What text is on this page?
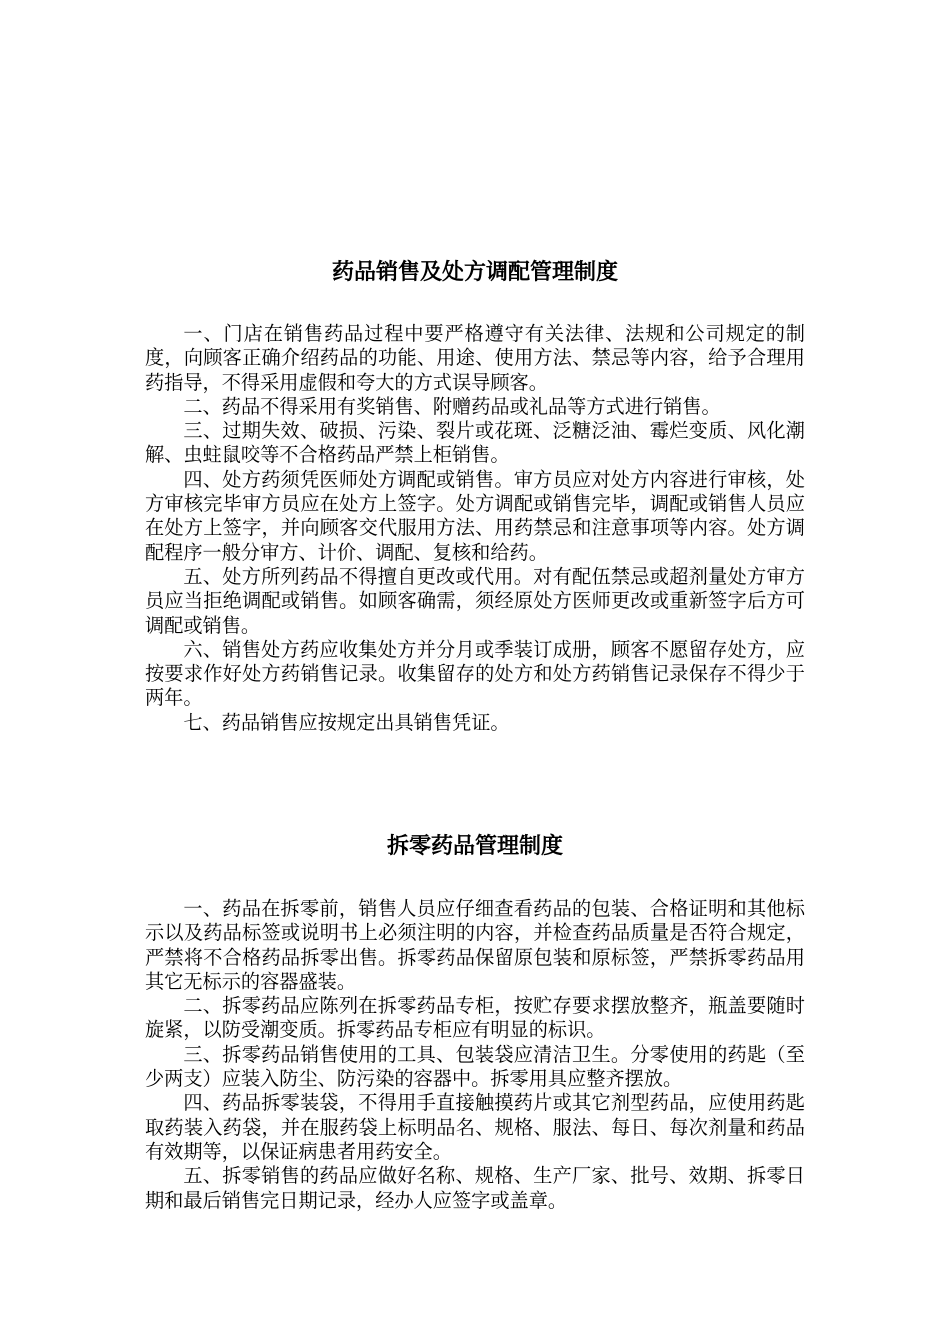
药品销售及处方调配管理制度

一、门店在销售药品过程中要严格遵守有关法律、法规和公司规定的制度，向顾客正确介绍药品的功能、用途、使用方法、禁忌等内容，给予合理用药指导，不得采用虚假和夸大的方式误导顾客。

二、药品不得采用有奖销售、附赠药品或礼品等方式进行销售。

三、过期失效、破损、污染、裂片或花斑、泛糖泛油、霉烂变质、风化潮解、虫蛀鼠咬等不合格药品严禁上柜销售。

四、处方药须凭医师处方调配或销售。审方员应对处方内容进行审核，处方审核完毕审方员应在处方上签字。处方调配或销售完毕，调配或销售人员应在处方上签字，并向顾客交代服用方法、用药禁忌和注意事项等内容。处方调配程序一般分审方、计价、调配、复核和给药。

五、处方所列药品不得擅自更改或代用。对有配伍禁忌或超剂量处方审方员应当拒绝调配或销售。如顾客确需，须经原处方医师更改或重新签字后方可调配或销售。

六、销售处方药应收集处方并分月或季装订成册，顾客不愿留存处方，应按要求作好处方药销售记录。收集留存的处方和处方药销售记录保存不得少于两年。

七、药品销售应按规定出具销售凭证。

拆零药品管理制度

一、药品在拆零前，销售人员应仔细查看药品的包装、合格证明和其他标示以及药品标签或说明书上必须注明的内容，并检查药品质量是否符合规定，严禁将不合格药品拆零出售。拆零药品保留原包装和原标签，严禁拆零药品用其它无标示的容器盛装。

二、拆零药品应陈列在拆零药品专柜，按贮存要求摆放整齐，瓶盖要随时旋紧，以防受潮变质。拆零药品专柜应有明显的标识。

三、拆零药品销售使用的工具、包装袋应清洁卫生。分零使用的药匙（至少两支）应装入防尘、防污染的容器中。拆零用具应整齐摆放。

四、药品拆零装袋，不得用手直接触摸药片或其它剂型药品，应使用药匙取药装入药袋，并在服药袋上标明品名、规格、服法、每日、每次剂量和药品有效期等，以保证病患者用药安全。

五、拆零销售的药品应做好名称、规格、生产厂家、批号、效期、拆零日期和最后销售完日期记录，经办人应签字或盖章。
